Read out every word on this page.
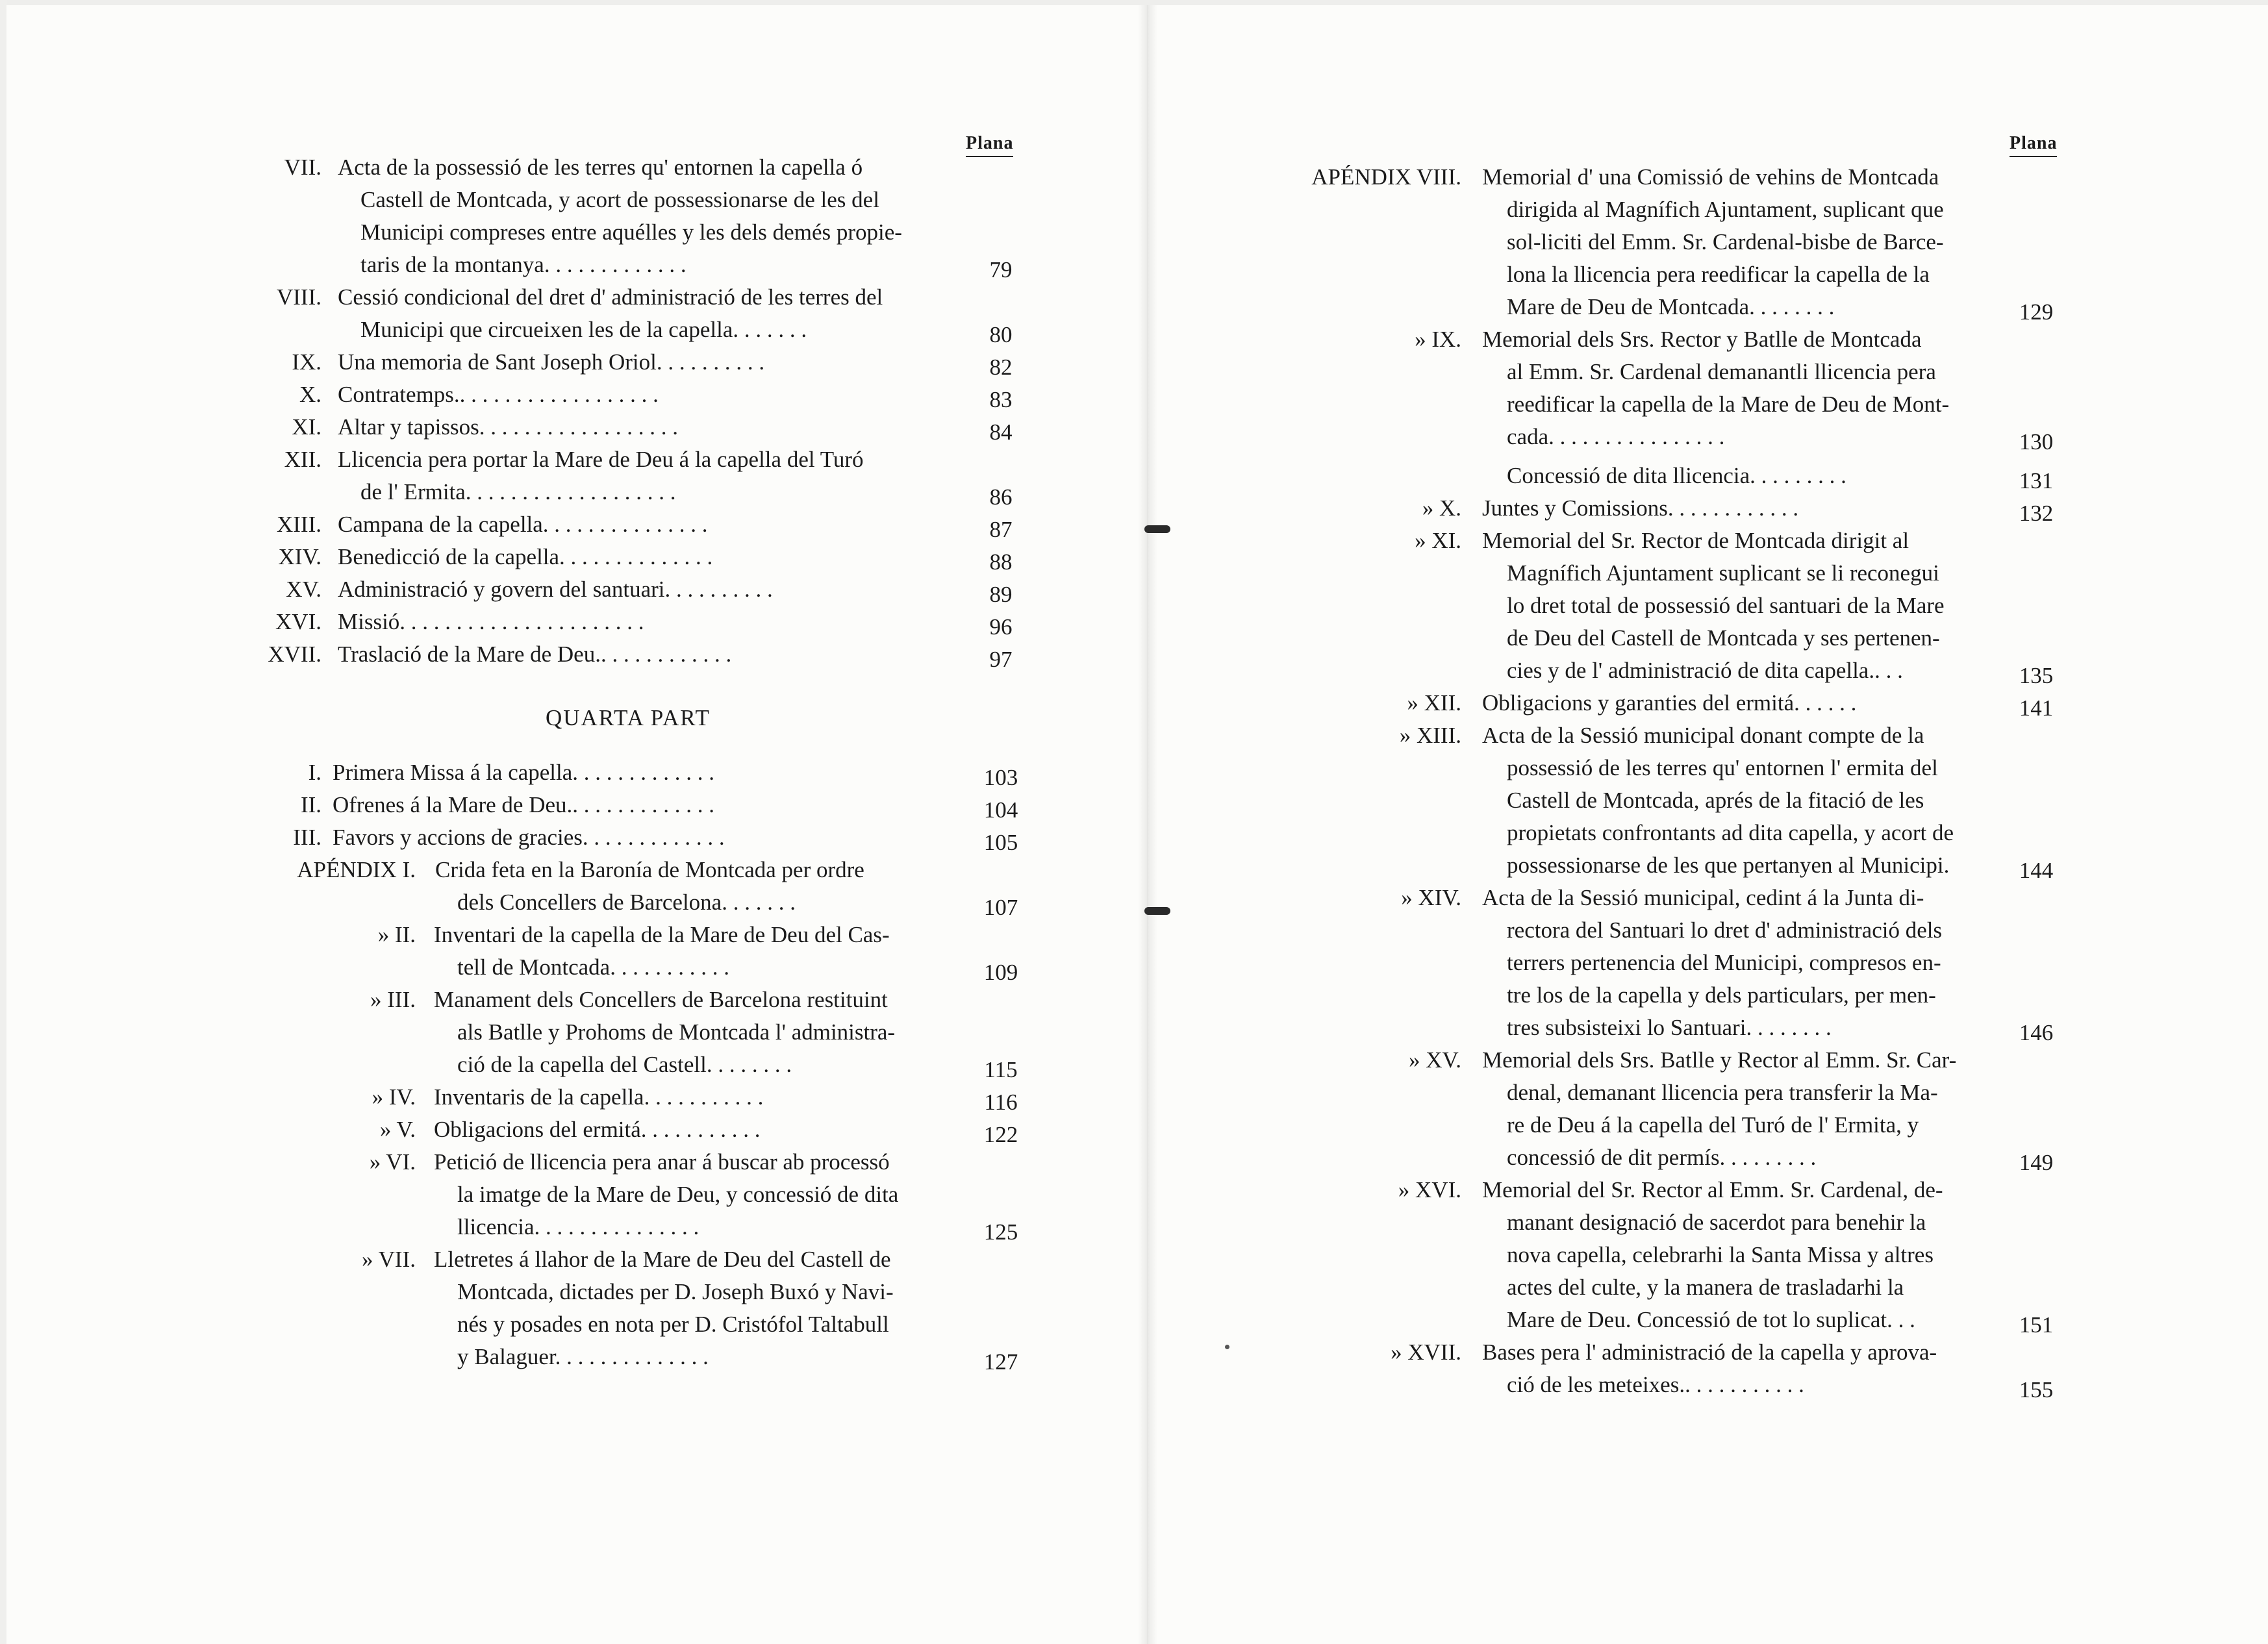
Plana	Plana
QUARTA PART
VII. Acta de la possessió de les terres qu' entornen la capella ó
Castell de Montcada, y acort de possessionarse de les del
Municipi compreses entre aquélles y les dels demés propie-
taris de la montanya. . . . . . . . . . . . .	79
VIII. Cessió condicional del dret d' administració de les terres del
Municipi que circueixen les de la capella. . . . . . .	80
IX. Una memoria de Sant Joseph Oriol. . . . . . . . . .	82
X. Contratemps.. . . . . . . . . . . . . . . . . .	83
XI. Altar y tapissos. . . . . . . . . . . . . . . . . .	84
XII. Llicencia pera portar la Mare de Deu á la capella del Turó
de l' Ermita. . . . . . . . . . . . . . . . . . .	86
XIII. Campana de la capella. . . . . . . . . . . . . . .	87
XIV. Benedicció de la capella. . . . . . . . . . . . . .	88
XV. Administració y govern del santuari. . . . . . . . . .	89
XVI. Missió. . . . . . . . . . . . . . . . . . . . . .	96
XVII. Traslació de la Mare de Deu.. . . . . . . . . . . .	97
I. Primera Missa á la capella. . . . . . . . . . . . .	103
II. Ofrenes á la Mare de Deu.. . . . . . . . . . . . .	104
III. Favors y accions de gracies. . . . . . . . . . . . .	105
APÉNDIX I. Crida feta en la Baronía de Montcada per ordre
dels Concellers de Barcelona. . . . . . .	107
» II. Inventari de la capella de la Mare de Deu del Cas-
tell de Montcada. . . . . . . . . . .	109
» III. Manament dels Concellers de Barcelona restituint
als Batlle y Prohoms de Montcada l' administra-
ció de la capella del Castell. . . . . . . .	115
» IV. Inventaris de la capella. . . . . . . . . . .	116
» V. Obligacions del ermitá. . . . . . . . . . .	122
» VI. Petició de llicencia pera anar á buscar ab processó
la imatge de la Mare de Deu, y concessió de dita
llicencia. . . . . . . . . . . . . . .	125
» VII. Lletretes á llahor de la Mare de Deu del Castell de
Montcada, dictades per D. Joseph Buxó y Navi-
nés y posades en nota per D. Cristófol Taltabull
y Balaguer. . . . . . . . . . . . . .	127
APÉNDIX VIII. Memorial d' una Comissió de vehins de Montcada
dirigida al Magnífich Ajuntament, suplicant que
sol-liciti del Emm. Sr. Cardenal-bisbe de Barce-
lona la llicencia pera reedificar la capella de la
Mare de Deu de Montcada. . . . . . . .	129
» IX. Memorial dels Srs. Rector y Batlle de Montcada
al Emm. Sr. Cardenal demanantli llicencia pera
reedificar la capella de la Mare de Deu de Mont-
cada. . . . . . . . . . . . . . . .	130
Concessió de dita llicencia. . . . . . . . .	131
» X. Juntes y Comissions. . . . . . . . . . . .	132
» XI. Memorial del Sr. Rector de Montcada dirigit al
Magnífich Ajuntament suplicant se li reconegui
lo dret total de possessió del santuari de la Mare
de Deu del Castell de Montcada y ses pertenen-
cies y de l' administració de dita capella.. . .	135
» XII. Obligacions y garanties del ermitá. . . . . .	141
» XIII. Acta de la Sessió municipal donant compte de la
possessió de les terres qu' entornen l' ermita del
Castell de Montcada, aprés de la fitació de les
propietats confrontants ad dita capella, y acort de
possessionarse de les que pertanyen al Municipi.	144
» XIV. Acta de la Sessió municipal, cedint á la Junta di-
rectora del Santuari lo dret d' administració dels
terrers pertenencia del Municipi, compresos en-
tre los de la capella y dels particulars, per men-
tres subsisteixi lo Santuari. . . . . . . .	146
» XV. Memorial dels Srs. Batlle y Rector al Emm. Sr. Car-
denal, demanant llicencia pera transferir la Ma-
re de Deu á la capella del Turó de l' Ermita, y
concessió de dit permís. . . . . . . . .	149
» XVI. Memorial del Sr. Rector al Emm. Sr. Cardenal, de-
manant designació de sacerdot para benehir la
nova capella, celebrarhi la Santa Missa y altres
actes del culte, y la manera de trasladarhi la
Mare de Deu. Concessió de tot lo suplicat. . .	151
» XVII. Bases pera l' administració de la capella y aprova-
ció de les meteixes.. . . . . . . . . . .	155
